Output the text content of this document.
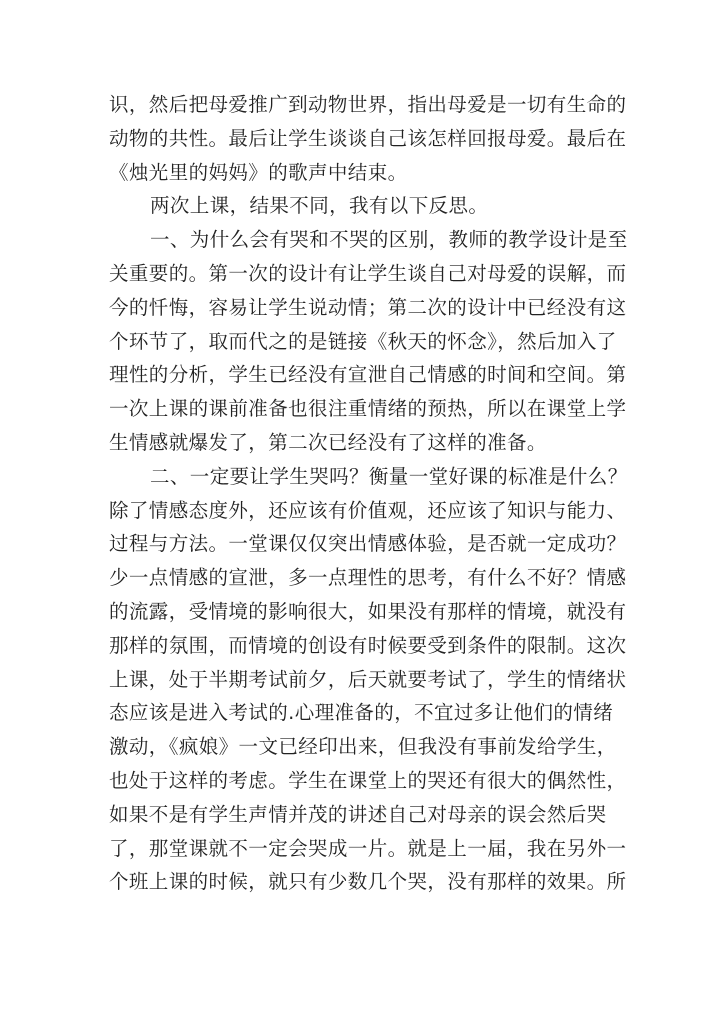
识，然后把母爱推广到动物世界，指出母爱是一切有生命的
动物的共性。最后让学生谈谈自己该怎样回报母爱。最后在
《烛光里的妈妈》的歌声中结束。
两次上课，结果不同，我有以下反思。
一、为什么会有哭和不哭的区别，教师的教学设计是至
关重要的。第一次的设计有让学生谈自己对母爱的误解，而
今的忏悔，容易让学生说动情；第二次的设计中已经没有这
个环节了，取而代之的是链接《秋天的怀念》，然后加入了
理性的分析，学生已经没有宣泄自己情感的时间和空间。第
一次上课的课前准备也很注重情绪的预热，所以在课堂上学
生情感就爆发了，第二次已经没有了这样的准备。
二、一定要让学生哭吗？衡量一堂好课的标准是什么？
除了情感态度外，还应该有价值观，还应该了知识与能力、
过程与方法。一堂课仅仅突出情感体验，是否就一定成功？
少一点情感的宣泄，多一点理性的思考，有什么不好？情感
的流露，受情境的影响很大，如果没有那样的情境，就没有
那样的氛围，而情境的创设有时候要受到条件的限制。这次
上课，处于半期考试前夕，后天就要考试了，学生的情绪状
态应该是进入考试的.心理准备的，不宜过多让他们的情绪
激动，《疯娘》一文已经印出来，但我没有事前发给学生，
也处于这样的考虑。学生在课堂上的哭还有很大的偶然性，
如果不是有学生声情并茂的讲述自己对母亲的误会然后哭
了，那堂课就不一定会哭成一片。就是上一届，我在另外一
个班上课的时候，就只有少数几个哭，没有那样的效果。所
